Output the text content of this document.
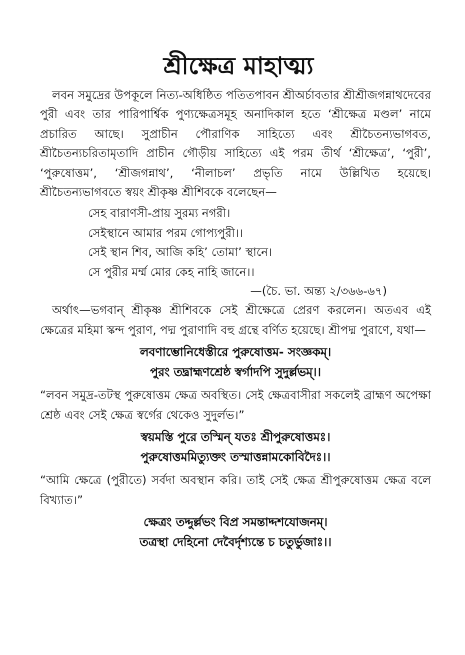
শ্রীক্ষেত্র মাহাত্ম্য

লবন সমুদ্রের উপকূলে নিত্য-অধিষ্ঠিত পতিতপাবন শ্রীঅর্চাবতার শ্রীশ্রীজগন্নাথদেবের পুরী এবং তার পারিপার্শ্বিক পুণ্যক্ষেত্রসমূহ অনাদিকাল হতে ‘শ্রীক্ষেত্র মণ্ডল’ নামে প্রচারিত আছে। সুপ্রাচীন পৌরাণিক সাহিত্যে এবং শ্রীচৈতন্যভাগবত, শ্রীচৈতন্যচরিতামৃতাদি প্রাচীন গৌড়ীয় সাহিত্যে এই পরম তীর্থ ‘শ্রীক্ষেত্র’, ‘পুরী’, ‘পুরুষোত্তম’, ‘শ্রীজগন্নাথ’, ‘নীলাচল’ প্রভৃতি নামে উল্লিখিত হয়েছে। শ্রীচৈতন্যভাগবতে স্বয়ং শ্রীকৃষ্ণ শ্রীশিবকে বলেছেন—

সেহ বারাণসী-প্রায় সুরম্য নগরী।
সেইস্থানে আমার পরম গোপ্যপুরী।।
সেই স্থান শিব, আজি কহি’ তোমা’ স্থানে।
সে পুরীর মর্ম্ম মোর কেহ নাহি জানে।।
—(চৈ. ভা. অন্ত্য ২/৩৬৬-৬৭)

অর্থাৎ—ভগবান্ শ্রীকৃষ্ণ শ্রীশিবকে সেই শ্রীক্ষেত্রে প্রেরণ করলেন। অতএব এই ক্ষেত্রের মহিমা স্কন্দ পুরাণ, পদ্ম পুরাণাদি বহু গ্রন্থে বর্ণিত হয়েছে। শ্রীপদ্ম পুরাণে, যথা—

লবণাম্ভোনিধেস্তীরে পুরুষোত্তম- সংজ্ঞকম্।
পুরং তদ্ব্রাহ্মণশ্রেষ্ঠ স্বর্গাদপি সুদুর্ল্লভম্।।

“লবন সমুদ্র-তটস্থ পুরুষোত্তম ক্ষেত্র অবস্থিত। সেই ক্ষেত্রবাসীরা সকলেই ব্রাহ্মণ অপেক্ষা শ্রেষ্ঠ এবং সেই ক্ষেত্র স্বর্গের থেকেও সুদুর্লভ।”

স্বয়মস্তি পুরে তস্মিন্ যতঃ শ্রীপুরুষোত্তমঃ।
পুরুষোত্তমমিত্যুক্তং তস্মাত্তন্নামকোবিদৈঃ।।

“আমি ক্ষেত্রে (পুরীতে) সর্বদা অবস্থান করি। তাই সেই ক্ষেত্র শ্রীপুরুষোত্তম ক্ষেত্র বলে বিখ্যাত।”

ক্ষেত্রং তদ্দুর্ল্লভং বিপ্র সমন্তাদ্দশযোজনম্।
তত্রস্থা দেহিনো দেবৈর্দৃশ্যন্তে চ চতুর্ভুজাঃ।।
